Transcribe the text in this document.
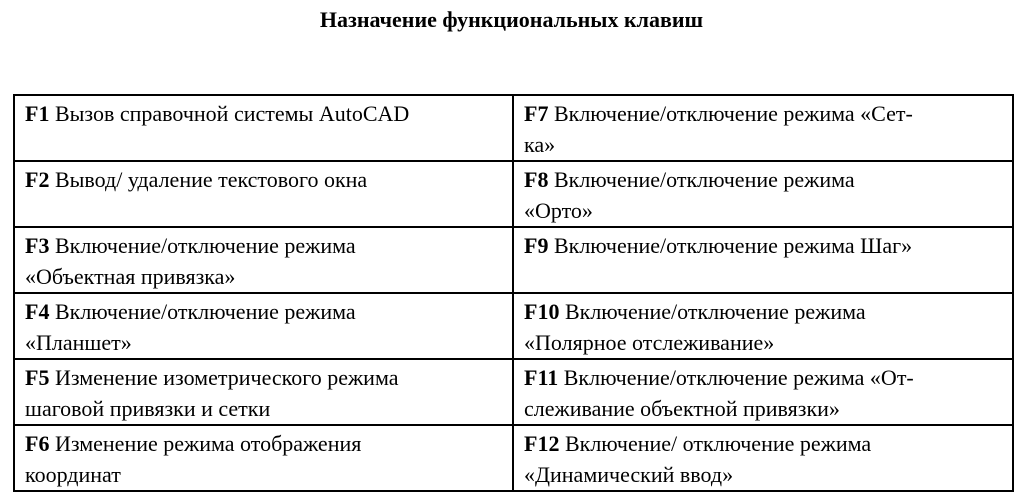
Назначение функциональных клавиш
F1 Вызов справочной системы AutoCAD	F7 Включение/отключение режима «Сет-
ка»
F2 Вывод/ удаление текстового окна	F8 Включение/отключение режима
«Орто»
F3 Включение/отключение режима
«Объектная привязка»	F9 Включение/отключение режима Шаг»
F4 Включение/отключение режима
«Планшет»	F10 Включение/отключение режима
«Полярное отслеживание»
F5 Изменение изометрического режима
шаговой привязки и сетки	F11 Включение/отключение режима «От-
слеживание объектной привязки»
F6 Изменение режима отображения
координат	F12 Включение/ отключение режима
«Динамический ввод»
